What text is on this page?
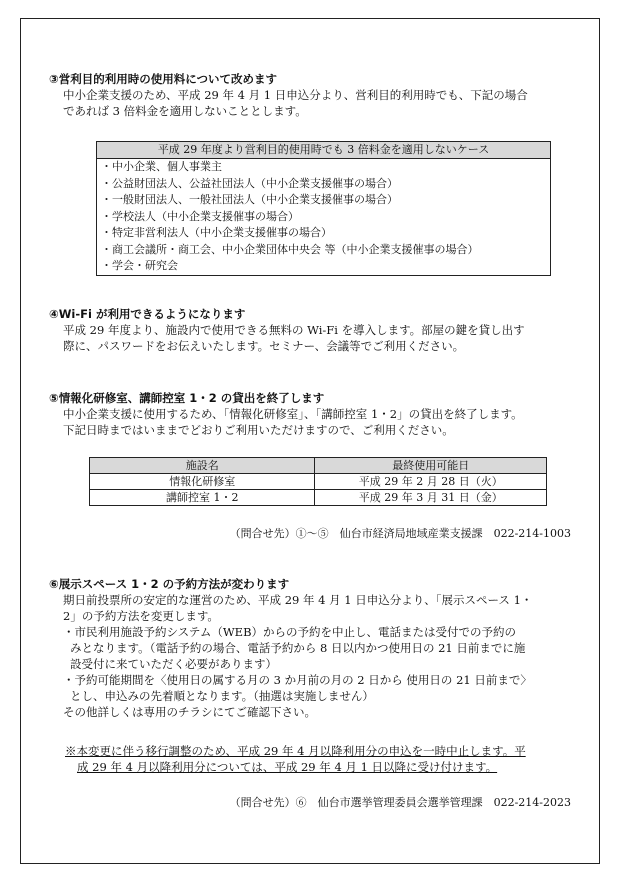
③営利目的利用時の使用料について改めます
中小企業支援のため、平成 29 年 4 月 1 日申込分より、営利目的利用時でも、下記の場合
であれば 3 倍料金を適用しないこととします。
平成 29 年度より営利目的使用時でも 3 倍料金を適用しないケース
・中小企業、個人事業主
・公益財団法人、公益社団法人（中小企業支援催事の場合）
・一般財団法人、一般社団法人（中小企業支援催事の場合）
・学校法人（中小企業支援催事の場合）
・特定非営利法人（中小企業支援催事の場合）
・商工会議所・商工会、中小企業団体中央会 等（中小企業支援催事の場合）
・学会・研究会
④Wi-Fi が利用できるようになります
平成 29 年度より、施設内で使用できる無料の Wi-Fi を導入します。部屋の鍵を貸し出す
際に、パスワードをお伝えいたします。セミナー、会議等でご利用ください。
⑤情報化研修室、講師控室 1・2 の貸出を終了します
中小企業支援に使用するため、「情報化研修室」、「講師控室 1・2」の貸出を終了します。
下記日時まではいままでどおりご利用いただけますので、ご利用ください。
施設名	最終使用可能日
情報化研修室	平成 29 年 2 月 28 日（火）
講師控室 1・2	平成 29 年 3 月 31 日（金）
（問合せ先）①～⑤　仙台市経済局地域産業支援課　022-214-1003
⑥展示スペース 1・2 の予約方法が変わります
期日前投票所の安定的な運営のため、平成 29 年 4 月 1 日申込分より、「展示スペース 1・
2」の予約方法を変更します。
・市民利用施設予約システム（WEB）からの予約を中止し、電話または受付での予約の
みとなります。（電話予約の場合、電話予約から 8 日以内かつ使用日の 21 日前までに施
設受付に来ていただく必要があります）
・予約可能期間を〈使用日の属する月の 3 か月前の月の 2 日から 使用日の 21 日前まで〉
とし、申込みの先着順となります。（抽選は実施しません）
その他詳しくは専用のチラシにてご確認下さい。
※本変更に伴う移行調整のため、平成 29 年 4 月以降利用分の申込を一時中止します。平
成 29 年 4 月以降利用分については、平成 29 年 4 月 1 日以降に受け付けます。
（問合せ先）⑥　仙台市選挙管理委員会選挙管理課　022-214-2023
